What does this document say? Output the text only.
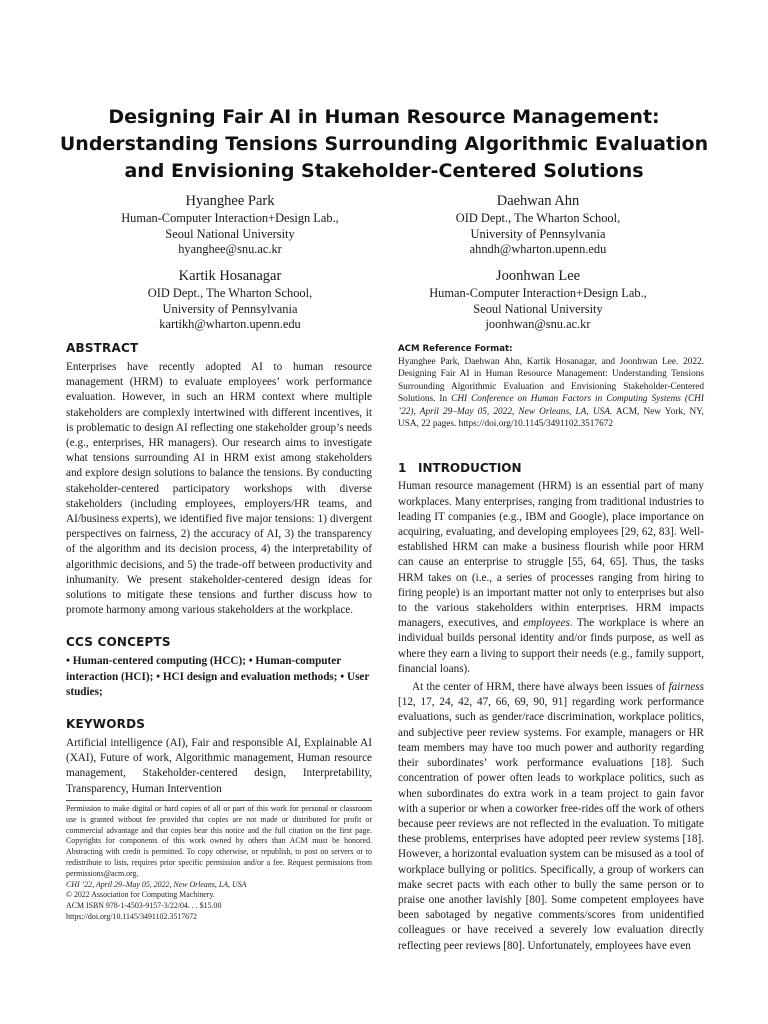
Designing Fair AI in Human Resource Management:
Understanding Tensions Surrounding Algorithmic Evaluation
and Envisioning Stakeholder-Centered Solutions
Hyanghee Park
Human-Computer Interaction+Design Lab.,
Seoul National University
hyanghee@snu.ac.kr
Daehwan Ahn
OID Dept., The Wharton School,
University of Pennsylvania
ahndh@wharton.upenn.edu
Kartik Hosanagar
OID Dept., The Wharton School,
University of Pennsylvania
kartikh@wharton.upenn.edu
Joonhwan Lee
Human-Computer Interaction+Design Lab.,
Seoul National University
joonhwan@snu.ac.kr
ABSTRACT

Enterprises have recently adopted AI to human resource management (HRM) to evaluate employees’ work performance evaluation. However, in such an HRM context where multiple stakeholders are complexly intertwined with different incentives, it is problematic to design AI reflecting one stakeholder group’s needs (e.g., enterprises, HR managers). Our research aims to investigate what tensions surrounding AI in HRM exist among stakeholders and explore design solutions to balance the tensions. By conducting stakeholder-centered participatory workshops with diverse stakeholders (including employees, employers/HR teams, and AI/business experts), we identified five major tensions: 1) divergent perspectives on fairness, 2) the accuracy of AI, 3) the transparency of the algorithm and its decision process, 4) the interpretability of algorithmic decisions, and 5) the trade-off between productivity and inhumanity. We present stakeholder-centered design ideas for solutions to mitigate these tensions and further discuss how to promote harmony among various stakeholders at the workplace.

CCS CONCEPTS

• Human-centered computing (HCC); • Human-computer interaction (HCI); • HCI design and evaluation methods; • User studies;

KEYWORDS

Artificial intelligence (AI), Fair and responsible AI, Explainable AI (XAI), Future of work, Algorithmic management, Human resource management, Stakeholder-centered design, Interpretability, Transparency, Human Intervention

Permission to make digital or hard copies of all or part of this work for personal or classroom use is granted without fee provided that copies are not made or distributed for profit or commercial advantage and that copies bear this notice and the full citation on the first page. Copyrights for components of this work owned by others than ACM must be honored. Abstracting with credit is permitted. To copy otherwise, or republish, to post on servers or to redistribute to lists, requires prior specific permission and/or a fee. Request permissions from permissions@acm.org.
CHI ’22, April 29–May 05, 2022, New Orleans, LA, USA
© 2022 Association for Computing Machinery.
ACM ISBN 978-1-4503-9157-3/22/04. . . $15.00
https://doi.org/10.1145/3491102.3517672
ACM Reference Format:
Hyanghee Park, Daehwan Ahn, Kartik Hosanagar, and Joonhwan Lee. 2022. Designing Fair AI in Human Resource Management: Understanding Tensions Surrounding Algorithmic Evaluation and Envisioning Stakeholder-Centered Solutions. In CHI Conference on Human Factors in Computing Systems (CHI ’22), April 29–May 05, 2022, New Orleans, LA, USA. ACM, New York, NY, USA, 22 pages. https://doi.org/10.1145/3491102.3517672
1 INTRODUCTION

Human resource management (HRM) is an essential part of many workplaces. Many enterprises, ranging from traditional industries to leading IT companies (e.g., IBM and Google), place importance on acquiring, evaluating, and developing employees [29, 62, 83]. Well-established HRM can make a business flourish while poor HRM can cause an enterprise to struggle [55, 64, 65]. Thus, the tasks HRM takes on (i.e., a series of processes ranging from hiring to firing people) is an important matter not only to enterprises but also to the various stakeholders within enterprises. HRM impacts managers, executives, and employees. The workplace is where an individual builds personal identity and/or finds purpose, as well as where they earn a living to support their needs (e.g., family support, financial loans).

At the center of HRM, there have always been issues of fairness [12, 17, 24, 42, 47, 66, 69, 90, 91] regarding work performance evaluations, such as gender/race discrimination, workplace politics, and subjective peer review systems. For example, managers or HR team members may have too much power and authority regarding their subordinates’ work performance evaluations [18]. Such concentration of power often leads to workplace politics, such as when subordinates do extra work in a team project to gain favor with a superior or when a coworker free-rides off the work of others because peer reviews are not reflected in the evaluation. To mitigate these problems, enterprises have adopted peer review systems [18]. However, a horizontal evaluation system can be misused as a tool of workplace bullying or politics. Specifically, a group of workers can make secret pacts with each other to bully the same person or to praise one another lavishly [80]. Some competent employees have been sabotaged by negative comments/scores from unidentified colleagues or have received a severely low evaluation directly reflecting peer reviews [80]. Unfortunately, employees have even
